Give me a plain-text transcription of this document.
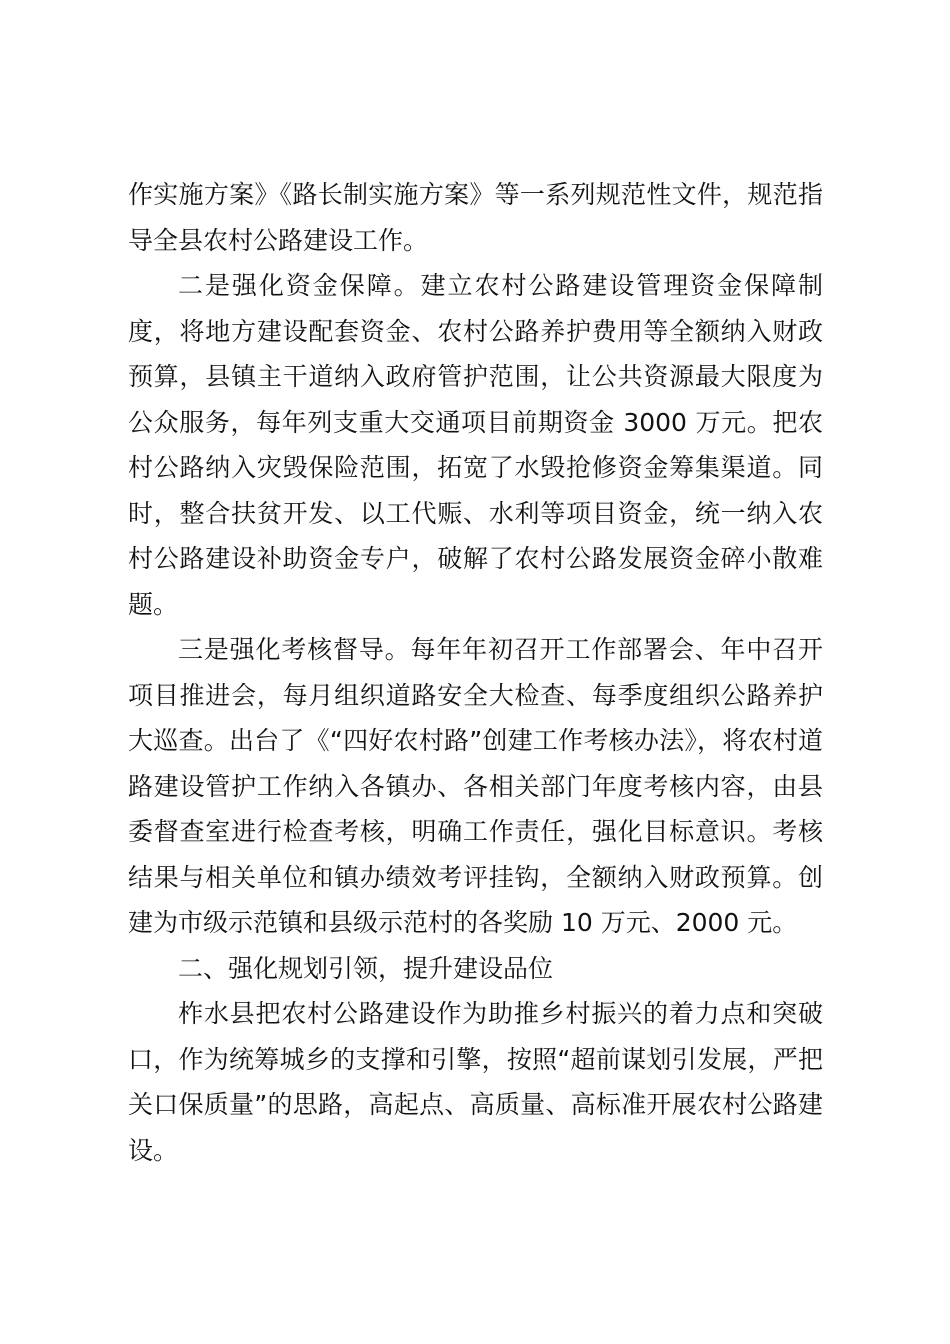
作实施方案》《路长制实施方案》等一系列规范性文件，规范指导全县农村公路建设工作。

二是强化资金保障。建立农村公路建设管理资金保障制度，将地方建设配套资金、农村公路养护费用等全额纳入财政预算，县镇主干道纳入政府管护范围，让公共资源最大限度为公众服务，每年列支重大交通项目前期资金 3000 万元。把农村公路纳入灾毁保险范围，拓宽了水毁抢修资金筹集渠道。同时，整合扶贫开发、以工代赈、水利等项目资金，统一纳入农村公路建设补助资金专户，破解了农村公路发展资金碎小散难题。

三是强化考核督导。每年年初召开工作部署会、年中召开项目推进会，每月组织道路安全大检查、每季度组织公路养护大巡查。出台了《“四好农村路”创建工作考核办法》，将农村道路建设管护工作纳入各镇办、各相关部门年度考核内容，由县委督查室进行检查考核，明确工作责任，强化目标意识。考核结果与相关单位和镇办绩效考评挂钩，全额纳入财政预算。创建为市级示范镇和县级示范村的各奖励 10 万元、2000 元。

二、强化规划引领，提升建设品位

柞水县把农村公路建设作为助推乡村振兴的着力点和突破口，作为统筹城乡的支撑和引擎，按照“超前谋划引发展，严把关口保质量”的思路，高起点、高质量、高标准开展农村公路建设。
